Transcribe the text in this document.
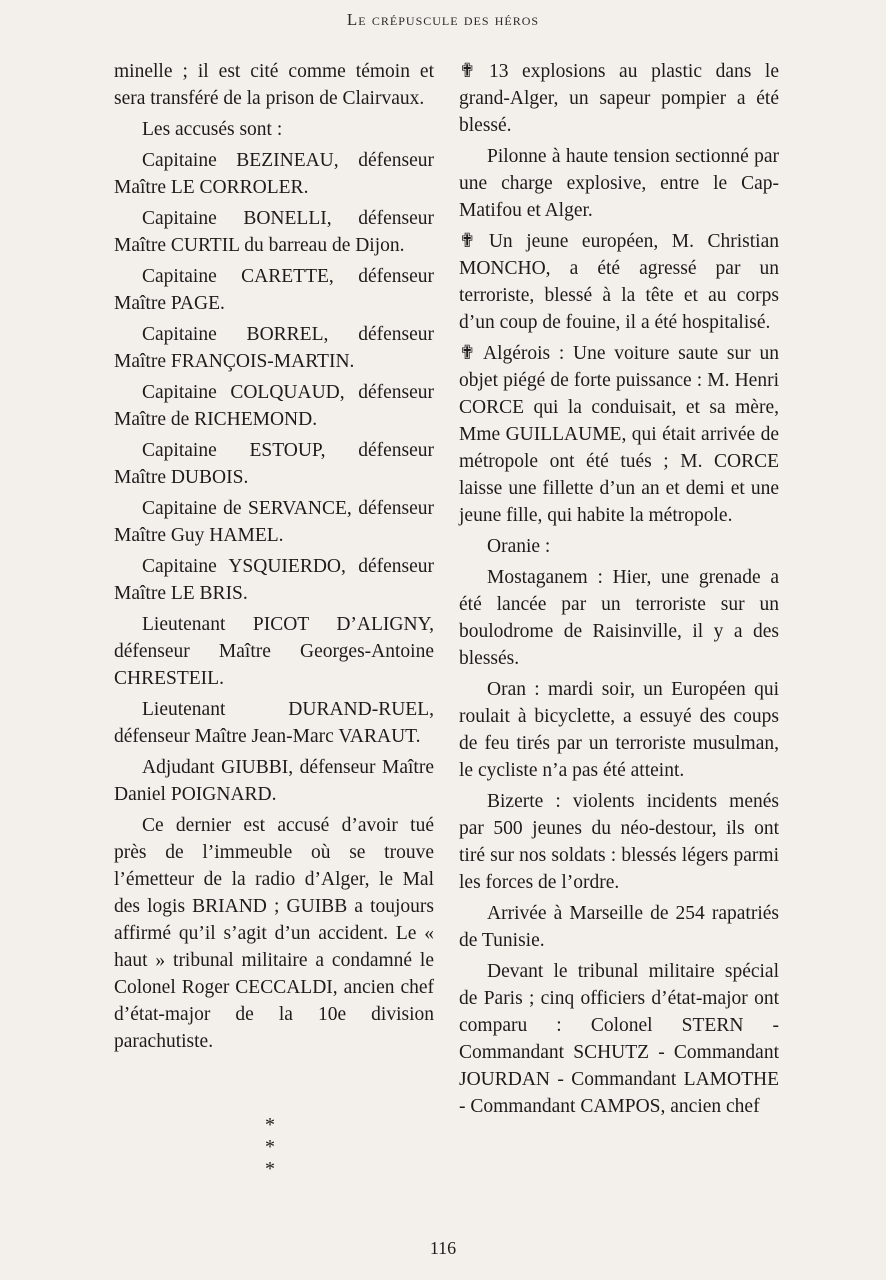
Le crépuscule des héros

minelle ; il est cité comme témoin et sera transféré de la prison de Clairvaux.

Les accusés sont :

Capitaine BEZINEAU, défenseur Maître LE CORROLER.

Capitaine BONELLI, défenseur Maître CURTIL du barreau de Dijon.

Capitaine CARETTE, défenseur Maître PAGE.

Capitaine BORREL, défenseur Maître FRANÇOIS-MARTIN.

Capitaine COLQUAUD, défenseur Maître de RICHEMOND.

Capitaine ESTOUP, défenseur Maître DUBOIS.

Capitaine de SERVANCE, défenseur Maître Guy HAMEL.

Capitaine YSQUIERDO, défenseur Maître LE BRIS.

Lieutenant PICOT D’ALIGNY, défenseur Maître Georges-Antoine CHRESTEIL.

Lieutenant DURAND-RUEL, défenseur Maître Jean-Marc VARAUT.

Adjudant GIUBBI, défenseur Maître Daniel POIGNARD.

Ce dernier est accusé d’avoir tué près de l’immeuble où se trouve l’émetteur de la radio d’Alger, le Mal des logis BRIAND ; GUIBB a toujours affirmé qu’il s’agit d’un accident. Le « haut » tribunal militaire a condamné le Colonel Roger CECCALDI, ancien chef d’état-major de la 10e division parachutiste.

✟ 13 explosions au plastic dans le grand-Alger, un sapeur pompier a été blessé.

Pilonne à haute tension sectionné par une charge explosive, entre le Cap-Matifou et Alger.

✟ Un jeune européen, M. Christian MONCHO, a été agressé par un terroriste, blessé à la tête et au corps d’un coup de fouine, il a été hospitalisé.

✟ Algérois : Une voiture saute sur un objet piégé de forte puissance : M. Henri CORCE qui la conduisait, et sa mère, Mme GUILLAUME, qui était arrivée de métropole ont été tués ; M. CORCE laisse une fillette d’un an et demi et une jeune fille, qui habite la métropole.

Oranie :

Mostaganem : Hier, une grenade a été lancée par un terroriste sur un boulodrome de Raisinville, il y a des blessés.

Oran : mardi soir, un Européen qui roulait à bicyclette, a essuyé des coups de feu tirés par un terroriste musulman, le cycliste n’a pas été atteint.

Bizerte : violents incidents menés par 500 jeunes du néo-destour, ils ont tiré sur nos soldats : blessés légers parmi les forces de l’ordre.

Arrivée à Marseille de 254 rapatriés de Tunisie.

Devant le tribunal militaire spécial de Paris ; cinq officiers d’état-major ont comparu : Colonel STERN - Commandant SCHUTZ - Commandant JOURDAN - Commandant LAMOTHE - Commandant CAMPOS, ancien chef

* *
*
116
